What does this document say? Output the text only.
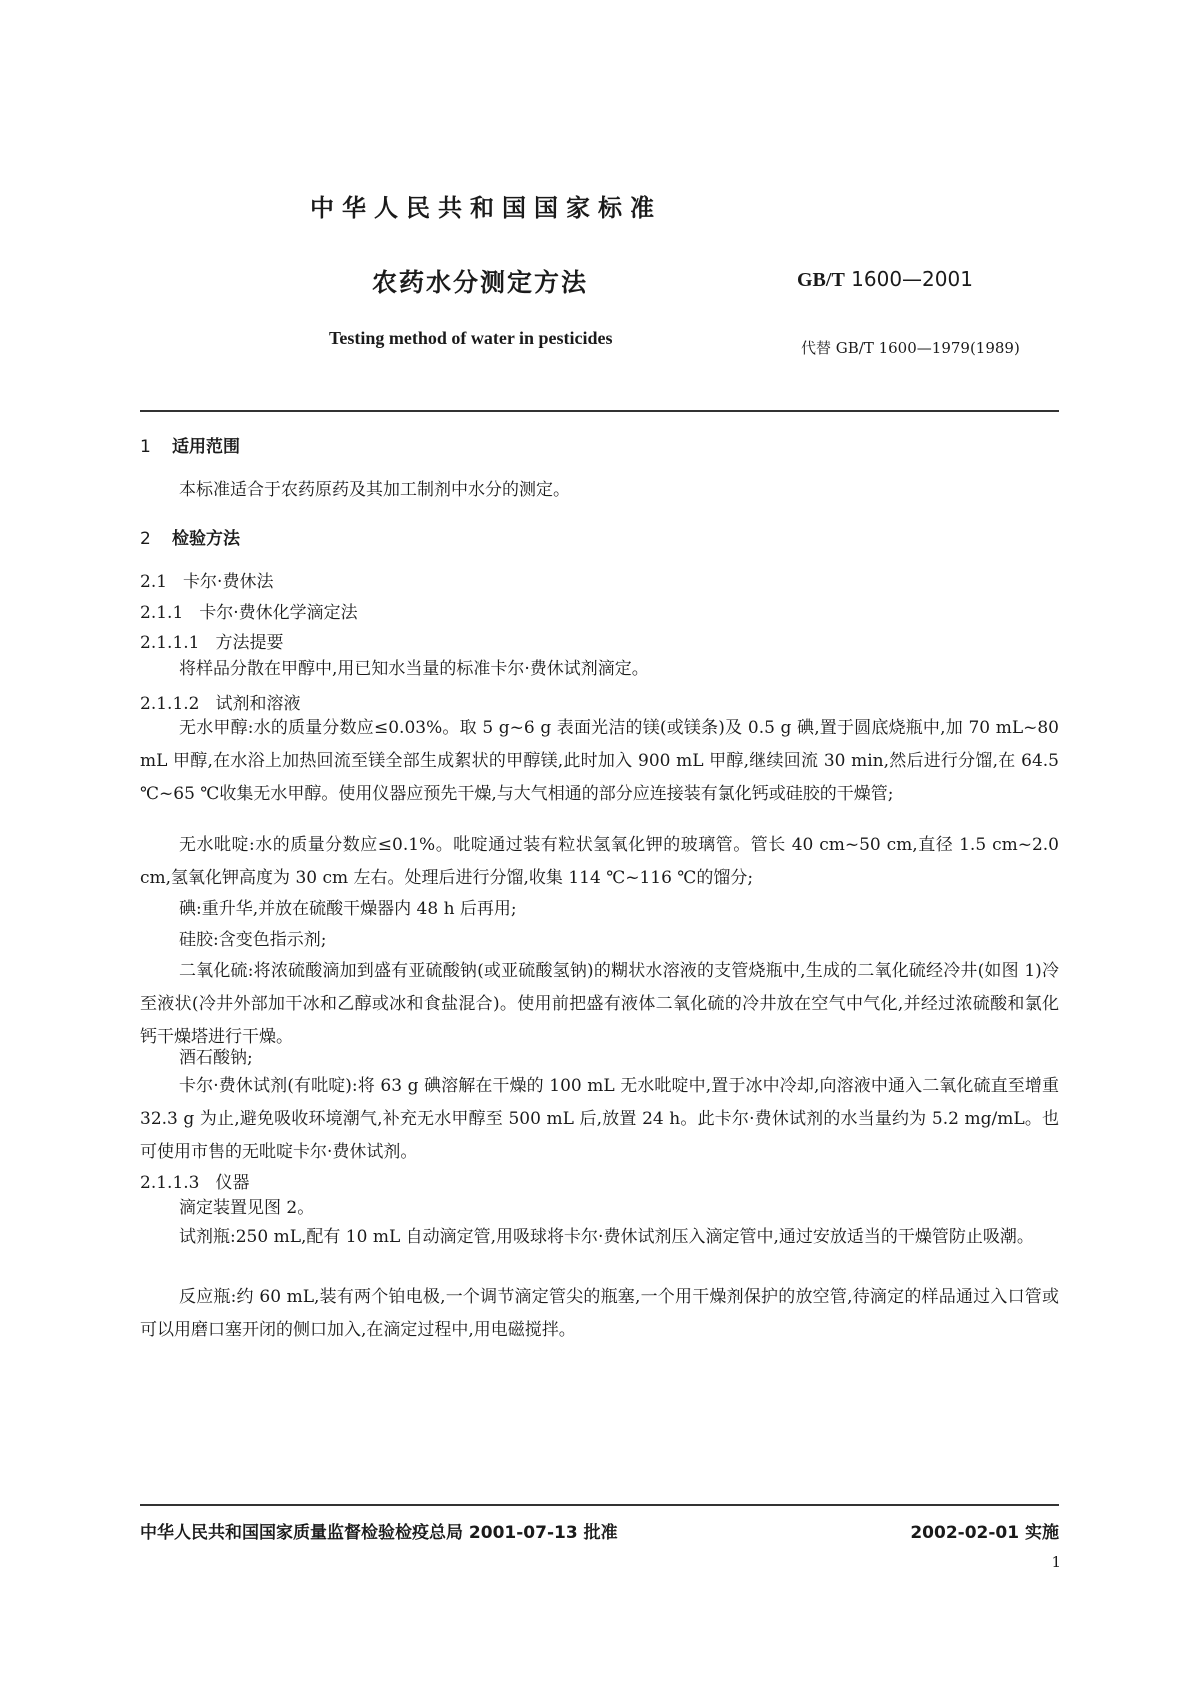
中华人民共和国国家标准
农药水分测定方法	GB/T 1600—2001
Testing method of water in pesticides	代替 GB/T 1600—1979(1989)
1 适用范围
本标准适合于农药原药及其加工制剂中水分的测定。
2 检验方法
2.1 卡尔·费休法
2.1.1 卡尔·费休化学滴定法
2.1.1.1 方法提要
将样品分散在甲醇中,用已知水当量的标准卡尔·费休试剂滴定。
2.1.1.2 试剂和溶液
无水甲醇:水的质量分数应≤0.03%。取 5 g~6 g 表面光洁的镁(或镁条)及 0.5 g 碘,置于圆底烧瓶中,加 70 mL~80 mL 甲醇,在水浴上加热回流至镁全部生成絮状的甲醇镁,此时加入 900 mL 甲醇,继续回流 30 min,然后进行分馏,在 64.5 ℃~65 ℃收集无水甲醇。使用仪器应预先干燥,与大气相通的部分应连接装有氯化钙或硅胶的干燥管;
无水吡啶:水的质量分数应≤0.1%。吡啶通过装有粒状氢氧化钾的玻璃管。管长 40 cm~50 cm,直径 1.5 cm~2.0 cm,氢氧化钾高度为 30 cm 左右。处理后进行分馏,收集 114 ℃~116 ℃的馏分;
碘:重升华,并放在硫酸干燥器内 48 h 后再用;
硅胶:含变色指示剂;
二氧化硫:将浓硫酸滴加到盛有亚硫酸钠(或亚硫酸氢钠)的糊状水溶液的支管烧瓶中,生成的二氧化硫经冷井(如图 1)冷至液状(冷井外部加干冰和乙醇或冰和食盐混合)。使用前把盛有液体二氧化硫的冷井放在空气中气化,并经过浓硫酸和氯化钙干燥塔进行干燥。
酒石酸钠;
卡尔·费休试剂(有吡啶):将 63 g 碘溶解在干燥的 100 mL 无水吡啶中,置于冰中冷却,向溶液中通入二氧化硫直至增重 32.3 g 为止,避免吸收环境潮气,补充无水甲醇至 500 mL 后,放置 24 h。此卡尔·费休试剂的水当量约为 5.2 mg/mL。也可使用市售的无吡啶卡尔·费休试剂。
2.1.1.3 仪器
滴定装置见图 2。
试剂瓶:250 mL,配有 10 mL 自动滴定管,用吸球将卡尔·费休试剂压入滴定管中,通过安放适当的干燥管防止吸潮。
反应瓶:约 60 mL,装有两个铂电极,一个调节滴定管尖的瓶塞,一个用干燥剂保护的放空管,待滴定的样品通过入口管或可以用磨口塞开闭的侧口加入,在滴定过程中,用电磁搅拌。
中华人民共和国国家质量监督检验检疫总局 2001-07-13 批准	2002-02-01 实施
1
